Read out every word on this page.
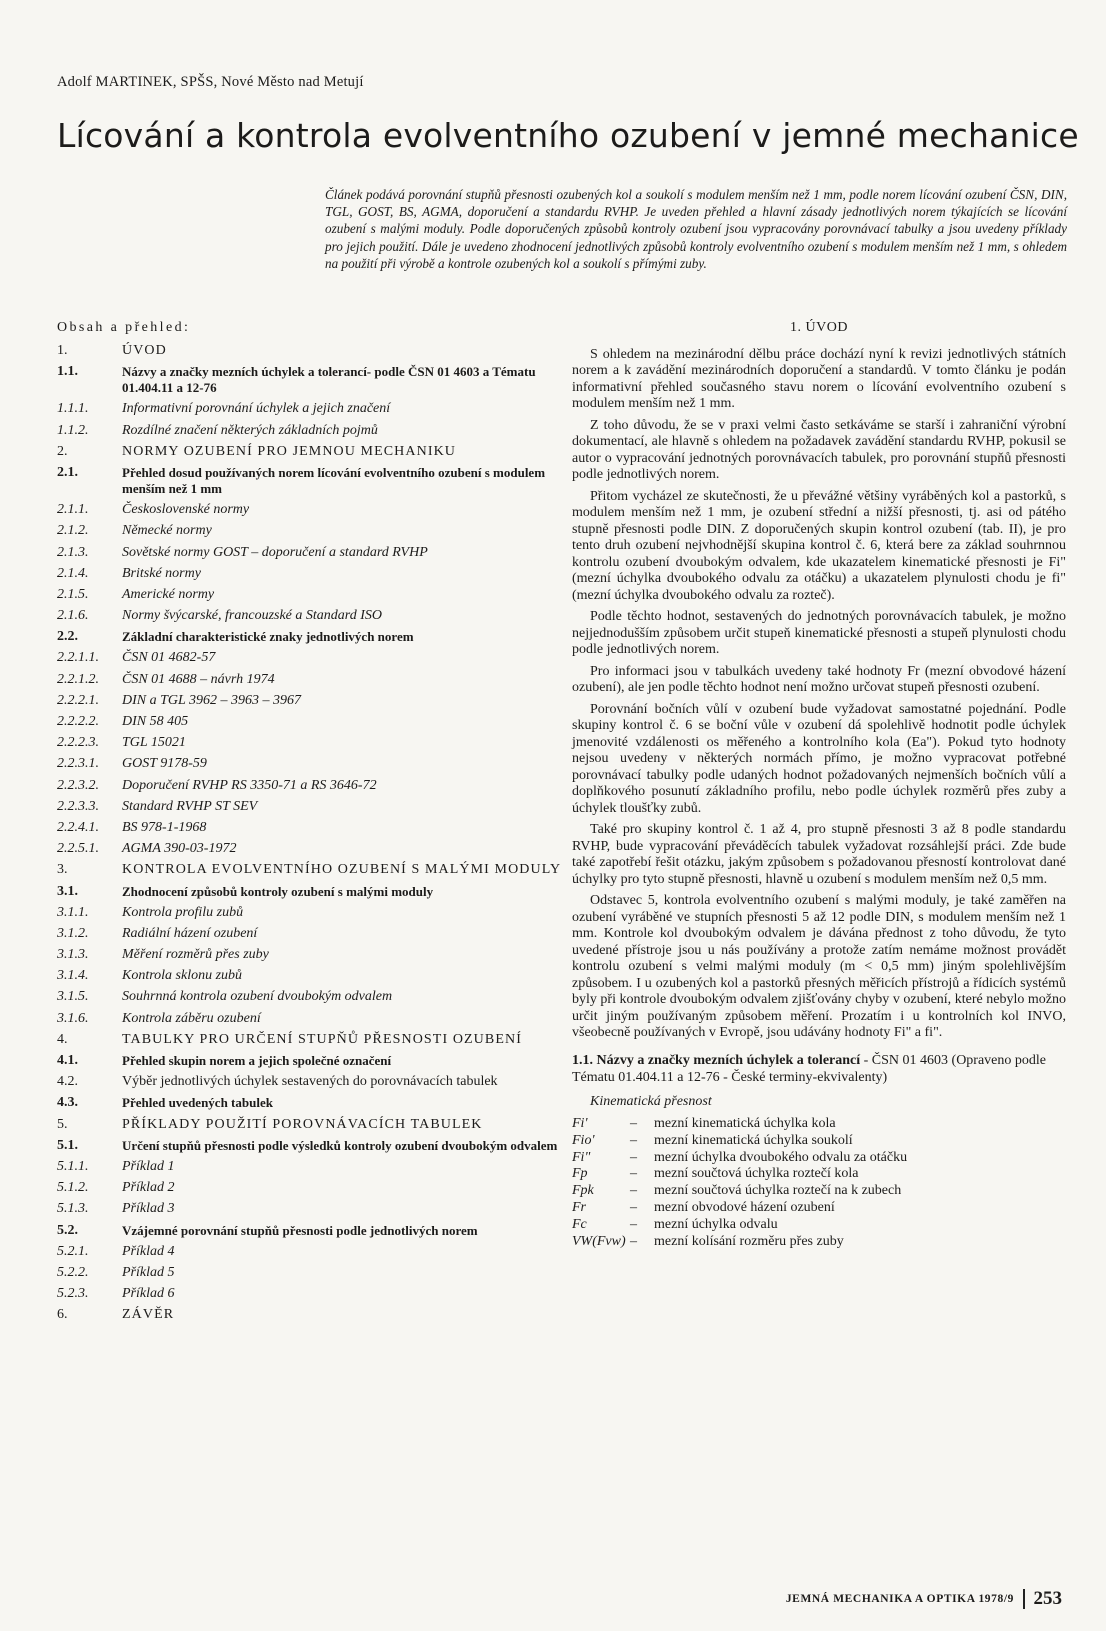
Adolf MARTINEK, SPŠS, Nové Město nad Metují
Lícování a kontrola evolventního ozubení v jemné mechanice
Článek podává porovnání stupňů přesnosti ozubených kol a soukolí s modulem menším než 1 mm, podle norem lícování ozubení ČSN, DIN, TGL, GOST, BS, AGMA, doporučení a standardu RVHP. Je uveden přehled a hlavní zásady jednotlivých norem týkajících se lícování ozubení s malými moduly. Podle doporučených způsobů kontroly ozubení jsou vypracovány porovnávací tabulky a jsou uvedeny příklady pro jejich použití. Dále je uvedeno zhodnocení jednotlivých způsobů kontroly evolventního ozubení s modulem menším než 1 mm, s ohledem na použití při výrobě a kontrole ozubených kol a soukolí s přímými zuby.
Obsah a přehled:
1.	ÚVOD
1.1.	Názvy a značky mezních úchylek a tolerancí- podle ČSN 01 4603 a Tématu 01.404.11 a 12-76
1.1.1.	Informativní porovnání úchylek a jejich značení
1.1.2.	Rozdílné značení některých základních pojmů
2.	NORMY OZUBENÍ PRO JEMNOU MECHANIKU
2.1.	Přehled dosud používaných norem lícování evolventního ozubení s modulem menším než 1 mm
2.1.1.	Československé normy
2.1.2.	Německé normy
2.1.3.	Sovětské normy GOST – doporučení a standard RVHP
2.1.4.	Britské normy
2.1.5.	Americké normy
2.1.6.	Normy švýcarské, francouzské a Standard ISO
2.2.	Základní charakteristické znaky jednotlivých norem
2.2.1.1.	ČSN 01 4682-57
2.2.1.2.	ČSN 01 4688 – návrh 1974
2.2.2.1.	DIN a TGL 3962 – 3963 – 3967
2.2.2.2.	DIN 58 405
2.2.2.3.	TGL 15021
2.2.3.1.	GOST 9178-59
2.2.3.2.	Doporučení RVHP RS 3350-71 a RS 3646-72
2.2.3.3.	Standard RVHP ST SEV
2.2.4.1.	BS 978-1-1968
2.2.5.1.	AGMA 390-03-1972
3.	KONTROLA EVOLVENTNÍHO OZUBENÍ S MALÝMI MODULY
3.1.	Zhodnocení způsobů kontroly ozubení s malými moduly
3.1.1.	Kontrola profilu zubů
3.1.2.	Radiální házení ozubení
3.1.3.	Měření rozměrů přes zuby
3.1.4.	Kontrola sklonu zubů
3.1.5.	Souhrnná kontrola ozubení dvoubokým odvalem
3.1.6.	Kontrola záběru ozubení
4.	TABULKY PRO URČENÍ STUPŇŮ PŘESNOSTI OZUBENÍ
4.1.	Přehled skupin norem a jejich společné označení
4.2.	Výběr jednotlivých úchylek sestavených do porovnávacích tabulek
4.3.	Přehled uvedených tabulek
5.	PŘÍKLADY POUŽITÍ POROVNÁVACÍCH TABULEK
5.1.	Určení stupňů přesnosti podle výsledků kontroly ozubení dvoubokým odvalem
5.1.1.	Příklad 1
5.1.2.	Příklad 2
5.1.3.	Příklad 3
5.2.	Vzájemné porovnání stupňů přesnosti podle jednotlivých norem
5.2.1.	Příklad 4
5.2.2.	Příklad 5
5.2.3.	Příklad 6
6.	ZÁVĚR
1. ÚVOD

S ohledem na mezinárodní dělbu práce dochází nyní k revizi jednotlivých státních norem a k zavádění mezinárodních doporučení a standardů. V tomto článku je podán informativní přehled současného stavu norem o lícování evolventního ozubení s modulem menším než 1 mm.

Z toho důvodu, že se v praxi velmi často setkáváme se starší i zahraniční výrobní dokumentací, ale hlavně s ohledem na požadavek zavádění standardu RVHP, pokusil se autor o vypracování jednotných porovnávacích tabulek, pro porovnání stupňů přesnosti podle jednotlivých norem.

Přitom vycházel ze skutečnosti, že u převážné většiny vyráběných kol a pastorků, s modulem menším než 1 mm, je ozubení střední a nižší přesnosti, tj. asi od pátého stupně přesnosti podle DIN. Z doporučených skupin kontrol ozubení (tab. II), je pro tento druh ozubení nejvhodnější skupina kontrol č. 6, která bere za základ souhrnnou kontrolu ozubení dvoubokým odvalem, kde ukazatelem kinematické přesnosti je Fi" (mezní úchylka dvoubokého odvalu za otáčku) a ukazatelem plynulosti chodu je fi" (mezní úchylka dvoubokého odvalu za rozteč).

Podle těchto hodnot, sestavených do jednotných porovnávacích tabulek, je možno nejjednodušším způsobem určit stupeň kinematické přesnosti a stupeň plynulosti chodu podle jednotlivých norem.

Pro informaci jsou v tabulkách uvedeny také hodnoty Fr (mezní obvodové házení ozubení), ale jen podle těchto hodnot není možno určovat stupeň přesnosti ozubení.

Porovnání bočních vůlí v ozubení bude vyžadovat samostatné pojednání. Podle skupiny kontrol č. 6 se boční vůle v ozubení dá spolehlivě hodnotit podle úchylek jmenovité vzdálenosti os měřeného a kontrolního kola (Ea"). Pokud tyto hodnoty nejsou uvedeny v některých normách přímo, je možno vypracovat potřebné porovnávací tabulky podle udaných hodnot požadovaných nejmenších bočních vůlí a doplňkového posunutí základního profilu, nebo podle úchylek rozměrů přes zuby a úchylek tloušťky zubů.

Také pro skupiny kontrol č. 1 až 4, pro stupně přesnosti 3 až 8 podle standardu RVHP, bude vypracování převáděcích tabulek vyžadovat rozsáhlejší práci. Zde bude také zapotřebí řešit otázku, jakým způsobem s požadovanou přesností kontrolovat dané úchylky pro tyto stupně přesnosti, hlavně u ozubení s modulem menším než 0,5 mm.

Odstavec 5, kontrola evolventního ozubení s malými moduly, je také zaměřen na ozubení vyráběné ve stupních přesnosti 5 až 12 podle DIN, s modulem menším než 1 mm. Kontrole kol dvoubokým odvalem je dávána přednost z toho důvodu, že tyto uvedené přístroje jsou u nás používány a protože zatím nemáme možnost provádět kontrolu ozubení s velmi malými moduly (m < 0,5 mm) jiným spolehlivějším způsobem. I u ozubených kol a pastorků přesných měřicích přístrojů a řídicích systémů byly při kontrole dvoubokým odvalem zjišťovány chyby v ozubení, které nebylo možno určit jiným používaným způsobem měření. Prozatím i u kontrolních kol INVO, všeobecně používaných v Evropě, jsou udávány hodnoty Fi" a fi".

1.1. Názvy a značky mezních úchylek a tolerancí - ČSN 01 4603 (Opraveno podle Tématu 01.404.11 a 12-76 - České terminy-ekvivalenty)
Kinematická přesnost
Fi'	–	mezní kinematická úchylka kola
Fio'	–	mezní kinematická úchylka soukolí
Fi"	–	mezní úchylka dvoubokého odvalu za otáčku
Fp	–	mezní součtová úchylka roztečí kola
Fpk	–	mezní součtová úchylka roztečí na k zubech
Fr	–	mezní obvodové házení ozubení
Fc	–	mezní úchylka odvalu
VW(Fvw) –	mezní kolísání rozměru přes zuby
JEMNÁ MECHANIKA A OPTIKA 1978/9 253
